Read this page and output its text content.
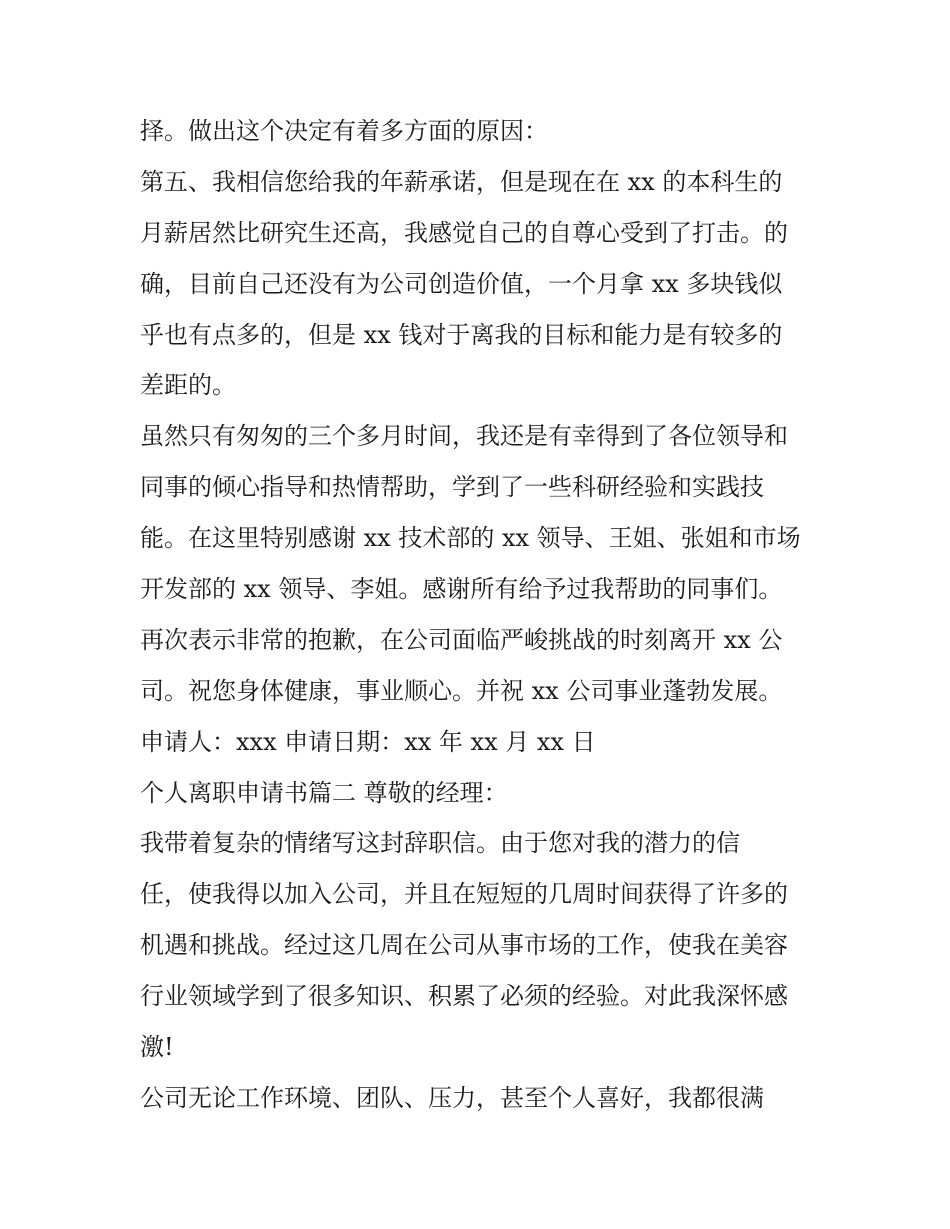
择。做出这个决定有着多方面的原因：
第五、我相信您给我的年薪承诺，但是现在在 xx 的本科生的
月薪居然比研究生还高，我感觉自己的自尊心受到了打击。的
确，目前自己还没有为公司创造价值，一个月拿 xx 多块钱似
乎也有点多的，但是 xx 钱对于离我的目标和能力是有较多的
差距的。
虽然只有匆匆的三个多月时间，我还是有幸得到了各位领导和
同事的倾心指导和热情帮助，学到了一些科研经验和实践技
能。在这里特别感谢 xx 技术部的 xx 领导、王姐、张姐和市场
开发部的 xx 领导、李姐。感谢所有给予过我帮助的同事们。
再次表示非常的抱歉，在公司面临严峻挑战的时刻离开 xx 公
司。祝您身体健康，事业顺心。并祝 xx 公司事业蓬勃发展。
申请人：xxx 申请日期：xx 年 xx 月 xx 日
个人离职申请书篇二 尊敬的经理：
我带着复杂的情绪写这封辞职信。由于您对我的潜力的信
任，使我得以加入公司，并且在短短的几周时间获得了许多的
机遇和挑战。经过这几周在公司从事市场的工作，使我在美容
行业领域学到了很多知识、积累了必须的经验。对此我深怀感
激!
公司无论工作环境、团队、压力，甚至个人喜好，我都很满
